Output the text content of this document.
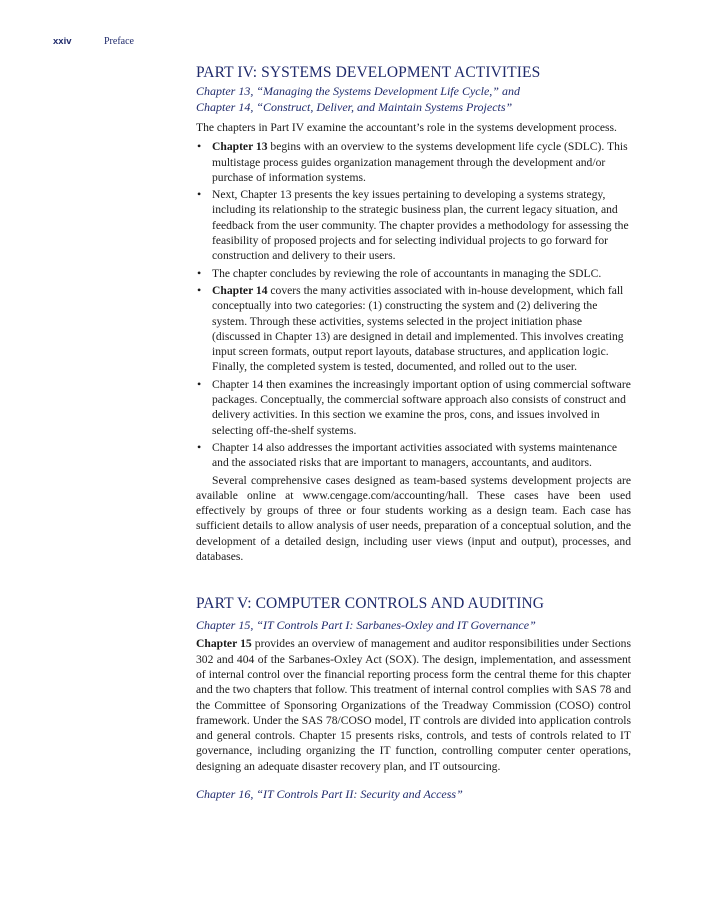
xxiv	Preface
PART IV: SYSTEMS DEVELOPMENT ACTIVITIES

Chapter 13, “Managing the Systems Development Life Cycle,” and

Chapter 14, “Construct, Deliver, and Maintain Systems Projects”

The chapters in Part IV examine the accountant’s role in the systems development process.

• Chapter 13 begins with an overview to the systems development life cycle (SDLC). This multistage process guides organization management through the development and/or purchase of information systems.
• Next, Chapter 13 presents the key issues pertaining to developing a systems strategy, including its relationship to the strategic business plan, the current legacy situation, and feedback from the user community. The chapter provides a methodology for assessing the feasibility of proposed projects and for selecting individual projects to go forward for construction and delivery to their users.
• The chapter concludes by reviewing the role of accountants in managing the SDLC.
• Chapter 14 covers the many activities associated with in-house development, which fall conceptually into two categories: (1) constructing the system and (2) delivering the system. Through these activities, systems selected in the project initiation phase (discussed in Chapter 13) are designed in detail and implemented. This involves creating input screen formats, output report layouts, database structures, and application logic. Finally, the completed system is tested, documented, and rolled out to the user.
• Chapter 14 then examines the increasingly important option of using commercial software packages. Conceptually, the commercial software approach also consists of construct and delivery activities. In this section we examine the pros, cons, and issues involved in selecting off-the-shelf systems.
• Chapter 14 also addresses the important activities associated with systems maintenance and the associated risks that are important to managers, accountants, and auditors.

Several comprehensive cases designed as team-based systems development projects are available online at www.cengage.com/accounting/hall. These cases have been used effectively by groups of three or four students working as a design team. Each case has sufficient details to allow analysis of user needs, preparation of a conceptual solution, and the development of a detailed design, including user views (input and output), processes, and databases.

PART V: COMPUTER CONTROLS AND AUDITING

Chapter 15, “IT Controls Part I: Sarbanes-Oxley and IT Governance”

Chapter 15 provides an overview of management and auditor responsibilities under Sections 302 and 404 of the Sarbanes-Oxley Act (SOX). The design, implementation, and assessment of internal control over the financial reporting process form the central theme for this chapter and the two chapters that follow. This treatment of internal control complies with SAS 78 and the Committee of Sponsoring Organizations of the Treadway Commission (COSO) control framework. Under the SAS 78/COSO model, IT controls are divided into application controls and general controls. Chapter 15 presents risks, controls, and tests of controls related to IT governance, including organizing the IT function, controlling computer center operations, designing an adequate disaster recovery plan, and IT outsourcing.

Chapter 16, “IT Controls Part II: Security and Access”
